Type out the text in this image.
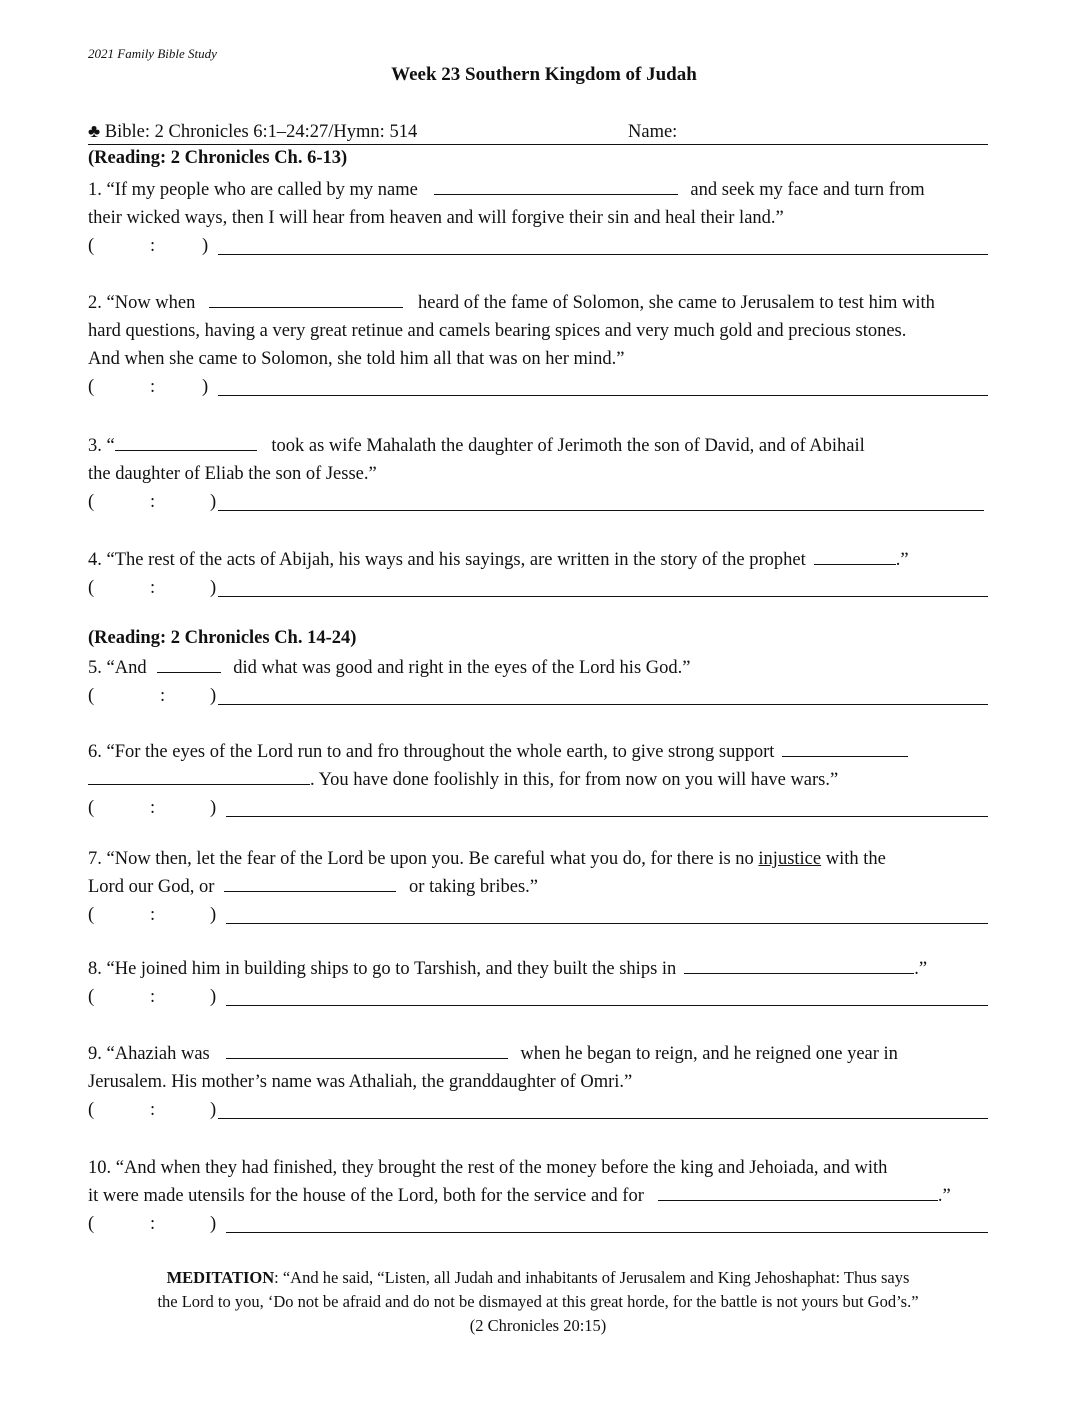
2021 Family Bible Study
Week 23 Southern Kingdom of Judah
♣ Bible: 2 Chronicles 6:1–24:27/Hymn: 514	Name:
(Reading: 2 Chronicles Ch. 6-13)
1. “If my people who are called by my name	and seek my face and turn from
their wicked ways, then I will hear from heaven and will forgive their sin and heal their land.”
(	:	)
2. “Now when	heard of the fame of Solomon, she came to Jerusalem to test him with
hard questions, having a very great retinue and camels bearing spices and very much gold and precious stones.
And when she came to Solomon, she told him all that was on her mind.”
(	:	)
3. “	took as wife Mahalath the daughter of Jerimoth the son of David, and of Abihail
the daughter of Eliab the son of Jesse.”
(	:	)
4. “The rest of the acts of Abijah, his ways and his sayings, are written in the story of the prophet	.”
(	:	)
(Reading: 2 Chronicles Ch. 14-24)
5. “And	did what was good and right in the eyes of the Lord his God.”
(	: )
6. “For the eyes of the Lord run to and fro throughout the whole earth, to give strong support
. You have done foolishly in this, for from now on you will have wars.”
(	:	)
7. “Now then, let the fear of the Lord be upon you. Be careful what you do, for there is no injustice with the
Lord our God, or	or taking bribes.”
(	:	)
8. “He joined him in building ships to go to Tarshish, and they built the ships in	.”
(	:	)
9. “Ahaziah was	when he began to reign, and he reigned one year in
Jerusalem. His mother’s name was Athaliah, the granddaughter of Omri.”
(	:	)
10. “And when they had finished, they brought the rest of the money before the king and Jehoiada, and with
it were made utensils for the house of the Lord, both for the service and for	.”
(	:	)
MEDITATION: “And he said, “Listen, all Judah and inhabitants of Jerusalem and King Jehoshaphat: Thus says
the Lord to you, ‘Do not be afraid and do not be dismayed at this great horde, for the battle is not yours but God’s.”
(2 Chronicles 20:15)
